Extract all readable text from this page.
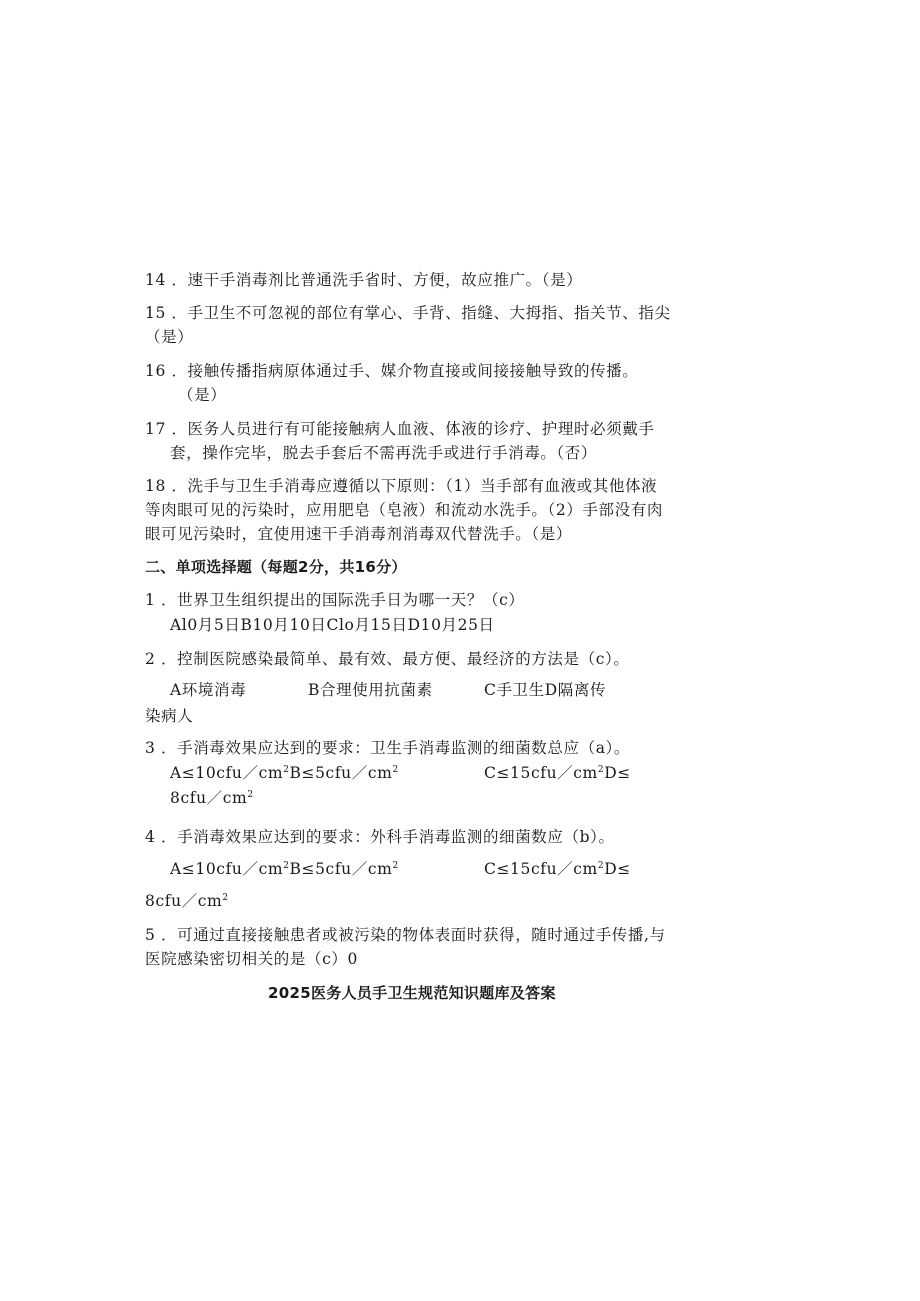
14 ．速干手消毒剂比普通洗手省时、方便，故应推广。（是）
15 ．手卫生不可忽视的部位有掌心、手背、指缝、大拇指、指关节、指尖
（是）
16 ．接触传播指病原体通过手、媒介物直接或间接接触导致的传播。
（是）
17 ．医务人员进行有可能接触病人血液、体液的诊疗、护理时必须戴手
套，操作完毕，脱去手套后不需再洗手或进行手消毒。（否）
18 ．洗手与卫生手消毒应遵循以下原则：（1）当手部有血液或其他体液
等肉眼可见的污染时，应用肥皂（皂液）和流动水洗手。（2）手部没有肉
眼可见污染时，宜使用速干手消毒剂消毒双代替洗手。（是）
二、单项选择题（每题2分，共16分）
1 ．世界卫生组织提出的国际洗手日为哪一天？（c）
Al0月5日B10月10日Clo月15日D10月25日
2 ．控制医院感染最简单、最有效、最方便、最经济的方法是（c）。
A环境消毒	B合理使用抗菌素	C手卫生D隔离传
染病人
3 ．手消毒效果应达到的要求：卫生手消毒监测的细菌数总应（a）。
$A\le 10cfu/cm^2B\le 5cfu/cm^2$	$C\le 15cfu/cm^2D\le$
$8cfu/cm^2$
4 ．手消毒效果应达到的要求：外科手消毒监测的细菌数应（b）。
$A\le 10cfu/cm^2B\le 5cfu/cm^2$	$C\le 15cfu/cm^2D\le$
$8cfu/cm^2$
5 ．可通过直接接触患者或被污染的物体表面时获得，随时通过手传播,与
医院感染密切相关的是（c）0
2025医务人员手卫生规范知识题库及答案
